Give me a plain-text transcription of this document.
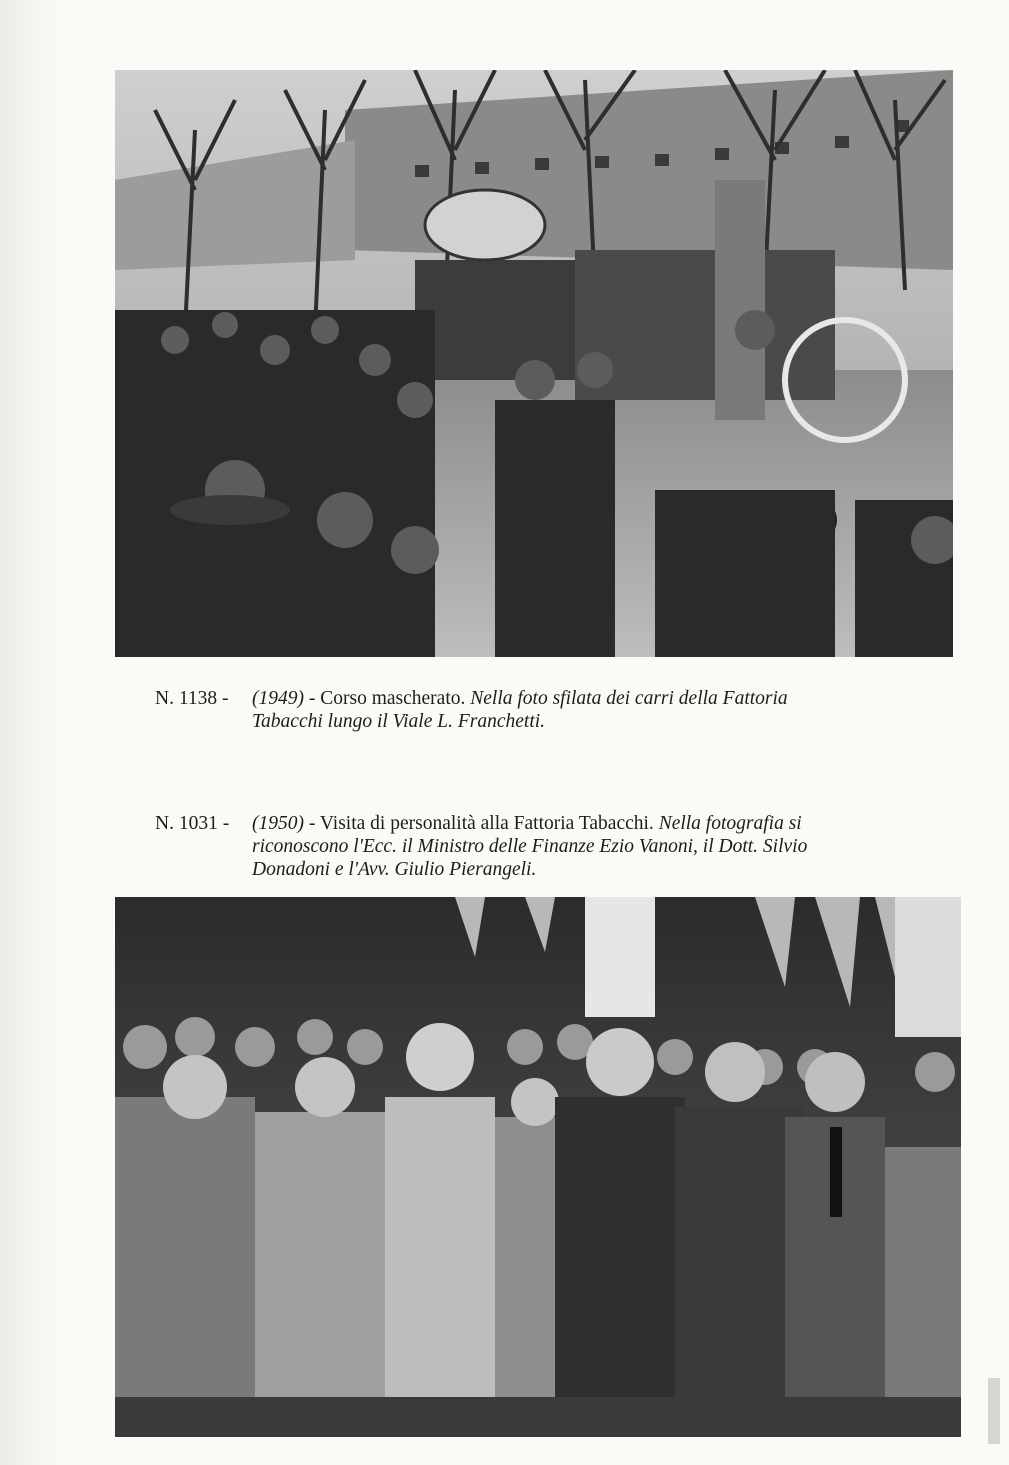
N. 1138 - (1949) - Corso mascherato. Nella foto sfilata dei carri della Fattoria
Tabacchi lungo il Viale L. Franchetti.
N. 1031 - (1950) - Visita di personalità alla Fattoria Tabacchi. Nella fotografia si
riconoscono l'Ecc. il Ministro delle Finanze Ezio Vanoni, il Dott. Silvio
Donadoni e l'Avv. Giulio Pierangeli.
